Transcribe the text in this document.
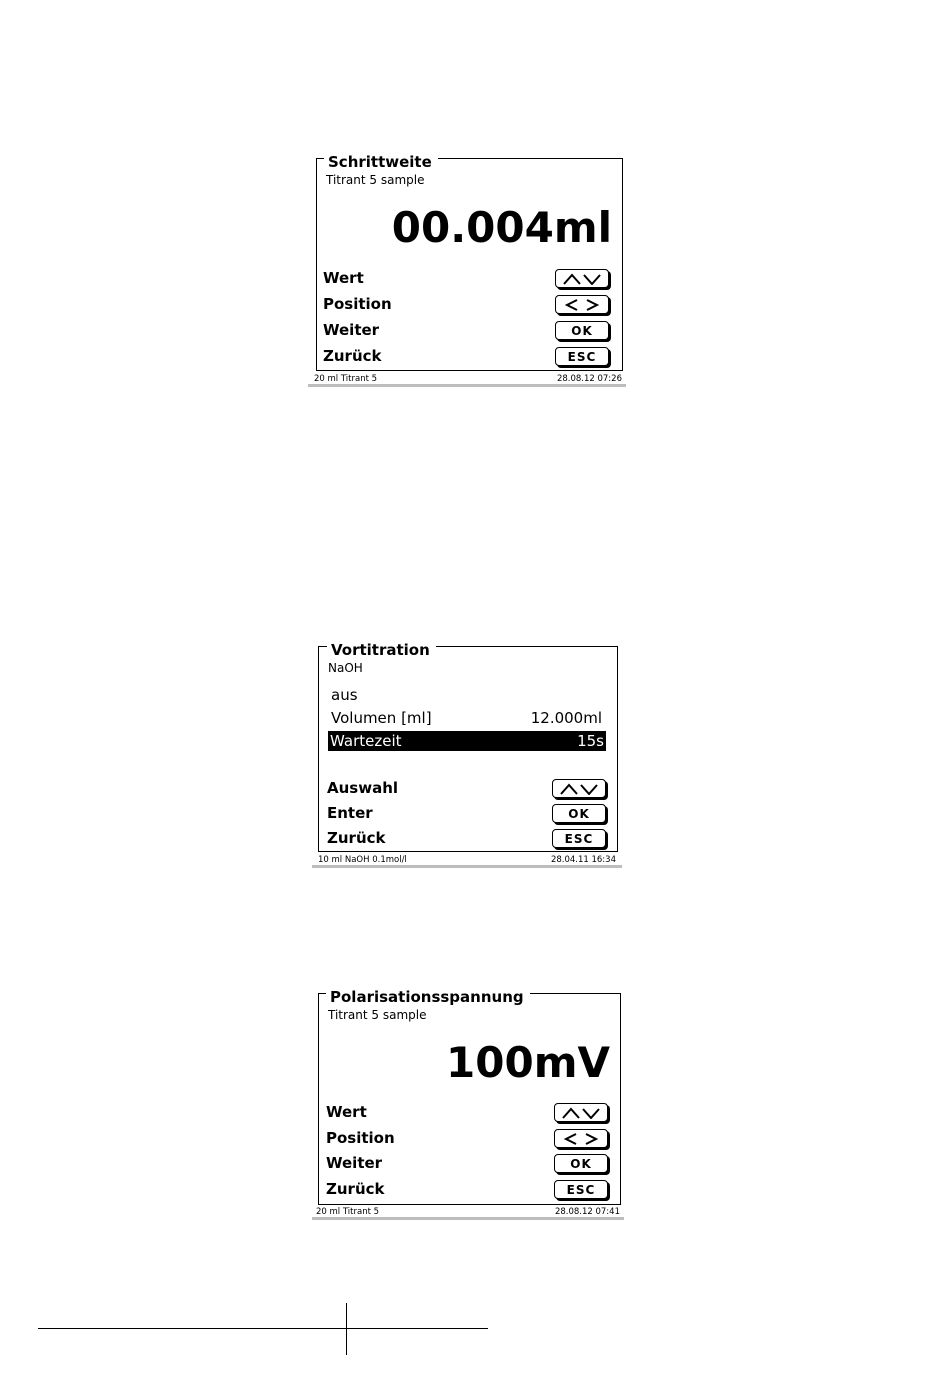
Schrittweite
Titrant 5 sample
00.004ml
Wert
Position
Weiter	OK
Zurück	ESC
20 ml Titrant 5	28.08.12 07:26
Vortitration
NaOH
aus
Volumen [ml]	12.000ml
Wartezeit	15s
Auswahl
Enter	OK
Zurück	ESC
10 ml NaOH 0.1mol/l	28.04.11 16:34
Polarisationsspannung
Titrant 5 sample
100mV
Wert
Position
Weiter	OK
Zurück	ESC
20 ml Titrant 5	28.08.12 07:41
